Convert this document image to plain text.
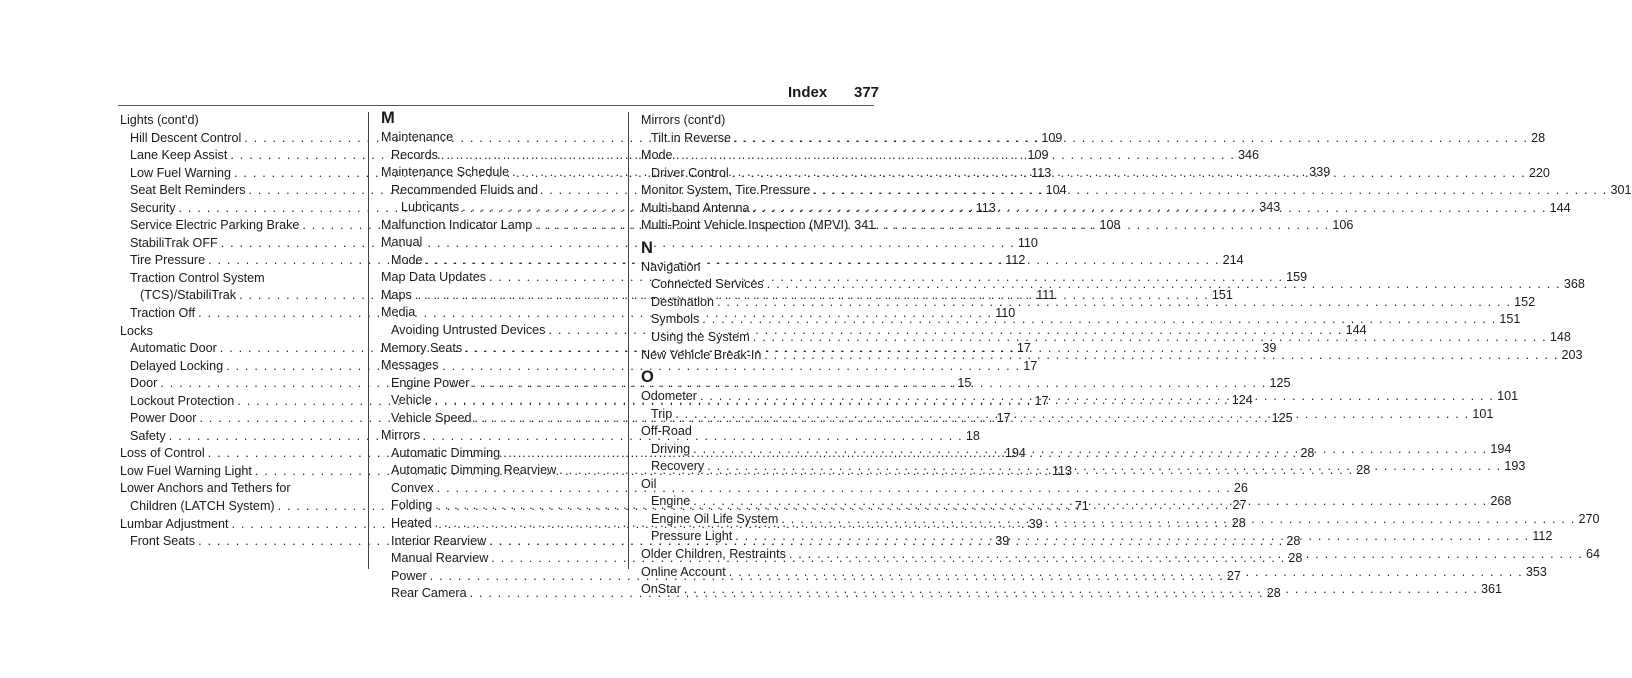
Index 377
Lights (cont'd)
Hill Descent Control . . .	109
Lane Keep Assist . . .	109
Low Fuel Warning . . .	113
Seat Belt Reminders . . .	104
Security . . .	113
Service Electric Parking Brake . . .	108
StabiliTrak OFF . . .	110
Tire Pressure . . .	112
Traction Control System
(TCS)/StabiliTrak . . .	111
Traction Off . . .	110
Locks
Automatic Door . . .	17
Delayed Locking . . .	17
Door . . .	15
Lockout Protection . . .	17
Power Door . . .	17
Safety . . .	18
Loss of Control . . .	194
Low Fuel Warning Light . . .	113
Lower Anchors and Tethers for
Children (LATCH System) . . .	71
Lumbar Adjustment . . .	39
Front Seats . . .	39
M
Maintenance
Records . . .	346
Maintenance Schedule . . .	339
Recommended Fluids and
Lubricants . . .	343
Malfunction Indicator Lamp . . .	106
Manual
Mode . . .	214
Map Data Updates . . .	159
Maps . . .	151
Media
Avoiding Untrusted Devices . . .	144
Memory Seats . . .	39
Messages
Engine Power . . .	125
Vehicle . . .	124
Vehicle Speed . . .	125
Mirrors
Automatic Dimming . . .	28
Automatic Dimming Rearview . . .	28
Convex . . .	26
Folding . . .	27
Heated . . .	28
Interior Rearview . . .	28
Manual Rearview . . .	28
Power . . .	27
Rear Camera . . .	28
Mirrors (cont'd)
Tilt in Reverse . . .	28
Mode
Driver Control . . .	220
Monitor System, Tire Pressure . . .	301
Multi-band Antenna . . .	144
Multi-Point Vehicle Inspection (MPVI) 341
N
Navigation
Connected Services . . .	368
Destination . . .	152
Symbols . . .	151
Using the System . . .	148
New Vehicle Break-In . . .	203
O
Odometer . . .	101
Trip . . .	101
Off-Road
Driving . . .	194
Recovery . . .	193
Oil
Engine . . .	268
Engine Oil Life System . . .	270
Pressure Light . . .	112
Older Children, Restraints . . .	64
Online Account . . .	353
OnStar . . .	361
